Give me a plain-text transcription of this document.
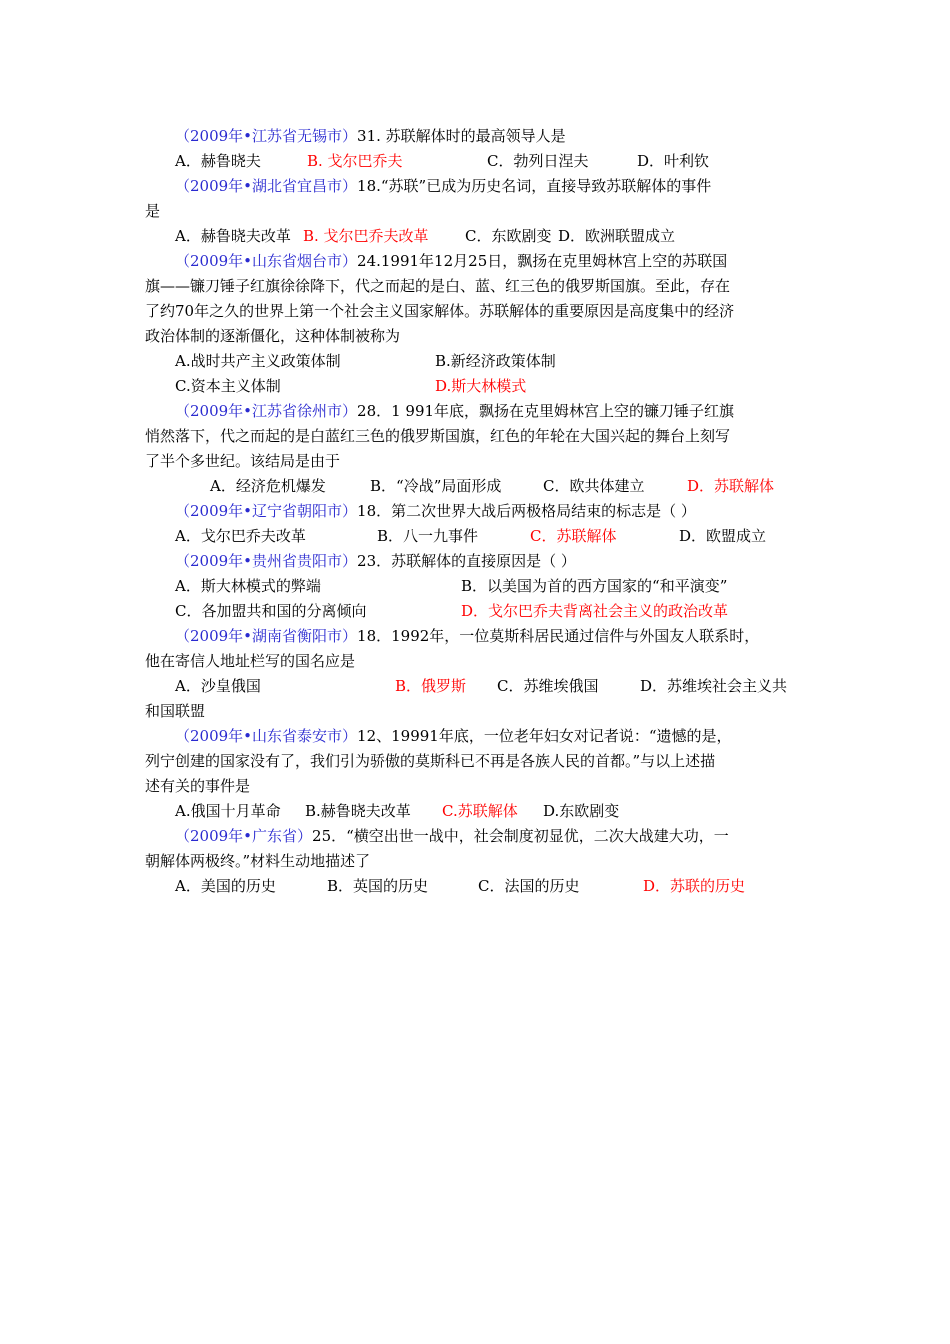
（2009年•江苏省无锡市）31. 苏联解体时的最高领导人是
A．赫鲁晓夫	B. 戈尔巴乔夫	C．勃列日涅夫	D．叶利钦
（2009年•湖北省宜昌市）18.“苏联”已成为历史名词，直接导致苏联解体的事件
是
A．赫鲁晓夫改革 B. 戈尔巴乔夫改革 C．东欧剧变 D．欧洲联盟成立
（2009年•山东省烟台市）24.1991年12月25日，飘扬在克里姆林宫上空的苏联国
旗——镰刀锤子红旗徐徐降下，代之而起的是白、蓝、红三色的俄罗斯国旗。至此，存在
了约70年之久的世界上第一个社会主义国家解体。苏联解体的重要原因是高度集中的经济
政治体制的逐渐僵化，这种体制被称为
A.战时共产主义政策体制	B.新经济政策体制
C.资本主义体制	D.斯大林模式
（2009年•江苏省徐州市）28．1 991年底，飘扬在克里姆林宫上空的镰刀锤子红旗
悄然落下，代之而起的是白蓝红三色的俄罗斯国旗，红色的年轮在大国兴起的舞台上刻写
了半个多世纪。该结局是由于
A．经济危机爆发	B．“冷战”局面形成	C．欧共体建立	D．苏联解体
（2009年•辽宁省朝阳市）18．第二次世界大战后两极格局结束的标志是（ ）
A．戈尔巴乔夫改革	B．八一九事件	C．苏联解体	D．欧盟成立
（2009年•贵州省贵阳市）23．苏联解体的直接原因是（ ）
A．斯大林模式的弊端	B．以美国为首的西方国家的“和平演变”
C．各加盟共和国的分离倾向	D．戈尔巴乔夫背离社会主义的政治改革
（2009年•湖南省衡阳市）18．1992年，一位莫斯科居民通过信件与外国友人联系时，
他在寄信人地址栏写的国名应是
A．沙皇俄国	B．俄罗斯 C．苏维埃俄国	D．苏维埃社会主义共
和国联盟
（2009年•山东省泰安市）12、19991年底，一位老年妇女对记者说：“遗憾的是，
列宁创建的国家没有了，我们引为骄傲的莫斯科已不再是各族人民的首都。”与以上述描
述有关的事件是
A.俄国十月革命 B.赫鲁晓夫改革 C.苏联解体 D.东欧剧变
（2009年•广东省）25．“横空出世一战中，社会制度初显优，二次大战建大功，一
朝解体两极终。”材料生动地描述了
A．美国的历史	B．英国的历史	C．法国的历史	D．苏联的历史
